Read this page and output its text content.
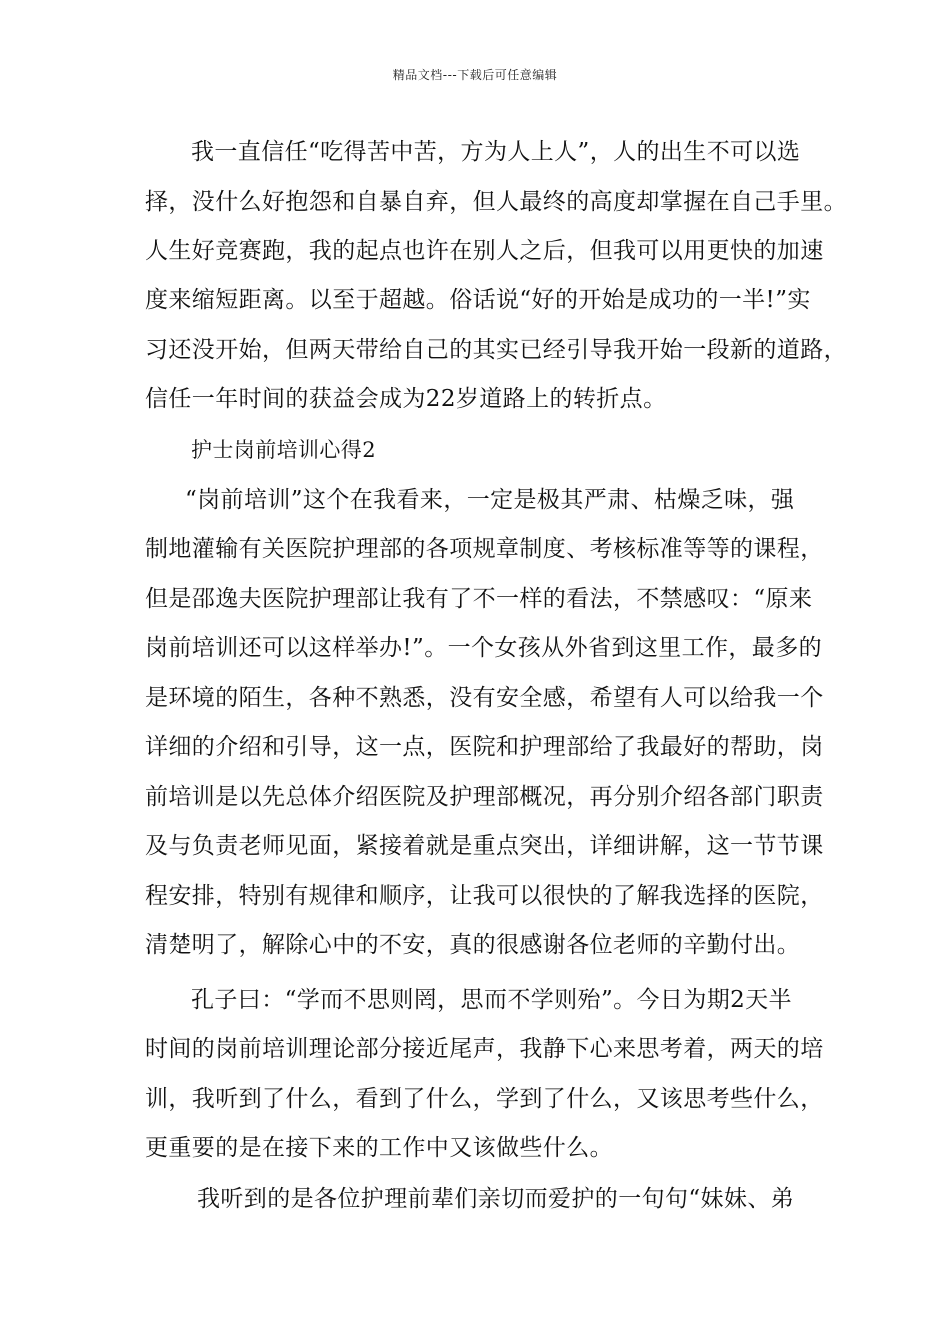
精品文档---下载后可任意编辑
我一直信任“吃得苦中苦，方为人上人”，人的出生不可以选
择，没什么好抱怨和自暴自弃，但人最终的高度却掌握在自己手里。
人生好竞赛跑，我的起点也许在别人之后，但我可以用更快的加速
度来缩短距离。以至于超越。俗话说“好的开始是成功的一半!”实
习还没开始，但两天带给自己的其实已经引导我开始一段新的道路，
信任一年时间的获益会成为22岁道路上的转折点。
护士岗前培训心得2
“岗前培训”这个在我看来，一定是极其严肃、枯燥乏味，强
制地灌输有关医院护理部的各项规章制度、考核标准等等的课程，
但是邵逸夫医院护理部让我有了不一样的看法，不禁感叹：“原来
岗前培训还可以这样举办!”。一个女孩从外省到这里工作，最多的
是环境的陌生，各种不熟悉，没有安全感，希望有人可以给我一个
详细的介绍和引导，这一点，医院和护理部给了我最好的帮助，岗
前培训是以先总体介绍医院及护理部概况，再分别介绍各部门职责
及与负责老师见面，紧接着就是重点突出，详细讲解，这一节节课
程安排，特别有规律和顺序，让我可以很快的了解我选择的医院，
清楚明了，解除心中的不安，真的很感谢各位老师的辛勤付出。
孔子曰：“学而不思则罔，思而不学则殆”。今日为期2天半
时间的岗前培训理论部分接近尾声，我静下心来思考着，两天的培
训，我听到了什么，看到了什么，学到了什么，又该思考些什么，
更重要的是在接下来的工作中又该做些什么。
我听到的是各位护理前辈们亲切而爱护的一句句“妹妹、弟
